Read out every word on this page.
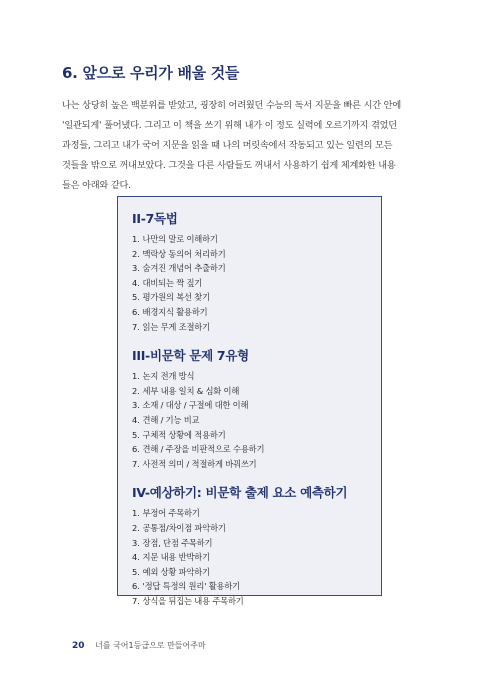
6. 앞으로 우리가 배울 것들
나는 상당히 높은 백분위를 받았고, 굉장히 어려웠던 수능의 독서 지문을 빠른 시간 안에
'일관되게' 풀어냈다. 그리고 이 책을 쓰기 위해 내가 이 정도 실력에 오르기까지 겪었던
과정들, 그리고 내가 국어 지문을 읽을 때 나의 머릿속에서 작동되고 있는 일련의 모든
것들을 밖으로 꺼내보았다. 그것을 다른 사람들도 꺼내서 사용하기 쉽게 체계화한 내용
들은 아래와 같다.
II-7독법
1. 나만의 말로 이해하기
2. 맥락상 동의어 처리하기
3. 숨겨진 개념어 추출하기
4. 대비되는 짝 짚기
5. 평가원의 복선 찾기
6. 배경지식 활용하기
7. 읽는 무게 조절하기
III-비문학 문제 7유형
1. 논지 전개 방식
2. 세부 내용 일치 & 심화 이해
3. 소재 / 대상 / 구절에 대한 이해
4. 견해 / 기능 비교
5. 구체적 상황에 적용하기
6. 견해 / 주장을 비판적으로 수용하기
7. 사전적 의미 / 적절하게 바꿔쓰기
IV-예상하기: 비문학 출제 요소 예측하기
1. 부정어 주목하기
2. 공통점/차이점 파악하기
3. 장점, 단점 주목하기
4. 지문 내용 반박하기
5. 예외 상황 파악하기
6. '정답 특정의 원리' 활용하기
7. 상식을 뒤집는 내용 주목하기
20 너를 국어1등급으로 만들어주마
